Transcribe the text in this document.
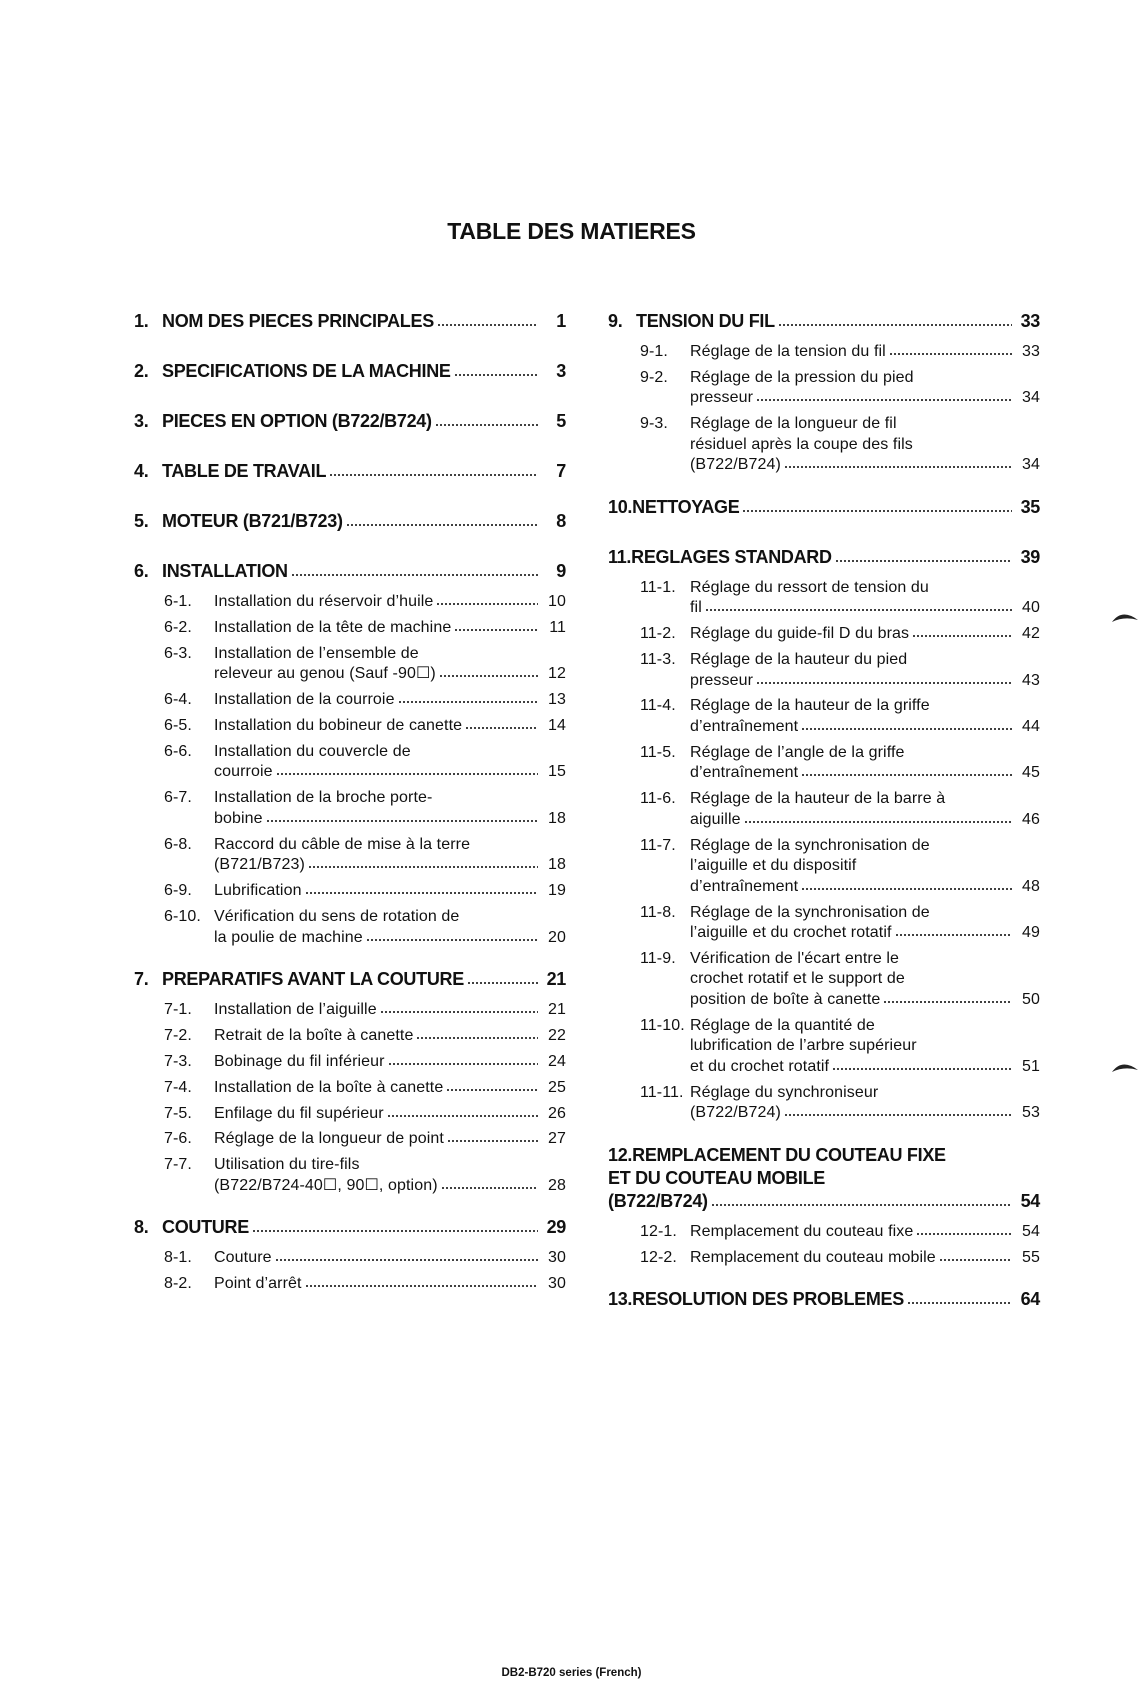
TABLE DES MATIERES
1. NOM DES PIECES PRINCIPALES	1
2. SPECIFICATIONS DE LA MACHINE	3
3. PIECES EN OPTION (B722/B724)	5
4. TABLE DE TRAVAIL	7
5. MOTEUR (B721/B723)	8
6. INSTALLATION	9
6-1.	Installation du réservoir d’huile	10
6-2.	Installation de la tête de machine	11
6-3.	Installation de l’ensemble de
releveur au genou (Sauf -90☐)	12
6-4.	Installation de la courroie	13
6-5.	Installation du bobineur de canette	14
6-6.	Installation du couvercle de
courroie	15
6-7.	Installation de la broche porte-
bobine	18
6-8.	Raccord du câble de mise à la terre
(B721/B723)	18
6-9.	Lubrification	19
6-10. Vérification du sens de rotation de
la poulie de machine	20
7. PREPARATIFS AVANT LA COUTURE	21
7-1.	Installation de l’aiguille	21
7-2.	Retrait de la boîte à canette	22
7-3.	Bobinage du fil inférieur	24
7-4.	Installation de la boîte à canette	25
7-5.	Enfilage du fil supérieur	26
7-6.	Réglage de la longueur de point	27
7-7.	Utilisation du tire-fils
(B722/B724-40☐, 90☐, option)	28
8. COUTURE	29
8-1.	Couture	30
8-2.	Point d’arrêt	30
9. TENSION DU FIL	33
9-1.	Réglage de la tension du fil	33
9-2.	Réglage de la pression du pied
presseur	34
9-3.	Réglage de la longueur de fil
résiduel après la coupe des fils
(B722/B724)	34
10.NETTOYAGE	35
11.REGLAGES STANDARD	39
11-1. Réglage du ressort de tension du
fil	40
11-2. Réglage du guide-fil D du bras	42
11-3. Réglage de la hauteur du pied
presseur	43
11-4. Réglage de la hauteur de la griffe
d’entraînement	44
11-5. Réglage de l’angle de la griffe
d’entraînement	45
11-6. Réglage de la hauteur de la barre à
aiguille	46
11-7. Réglage de la synchronisation de
l’aiguille et du dispositif
d’entraînement	48
11-8. Réglage de la synchronisation de
l’aiguille et du crochet rotatif	49
11-9. Vérification de l'écart entre le
crochet rotatif et le support de
position de boîte à canette	50
11-10. Réglage de la quantité de
lubrification de l’arbre supérieur
et du crochet rotatif	51
11-11. Réglage du synchroniseur
(B722/B724)	53
12.REMPLACEMENT DU COUTEAU FIXE
ET DU COUTEAU MOBILE
(B722/B724)	54
12-1. Remplacement du couteau fixe	54
12-2. Remplacement du couteau mobile	55
13.RESOLUTION DES PROBLEMES	64
DB2-B720 series (French)
